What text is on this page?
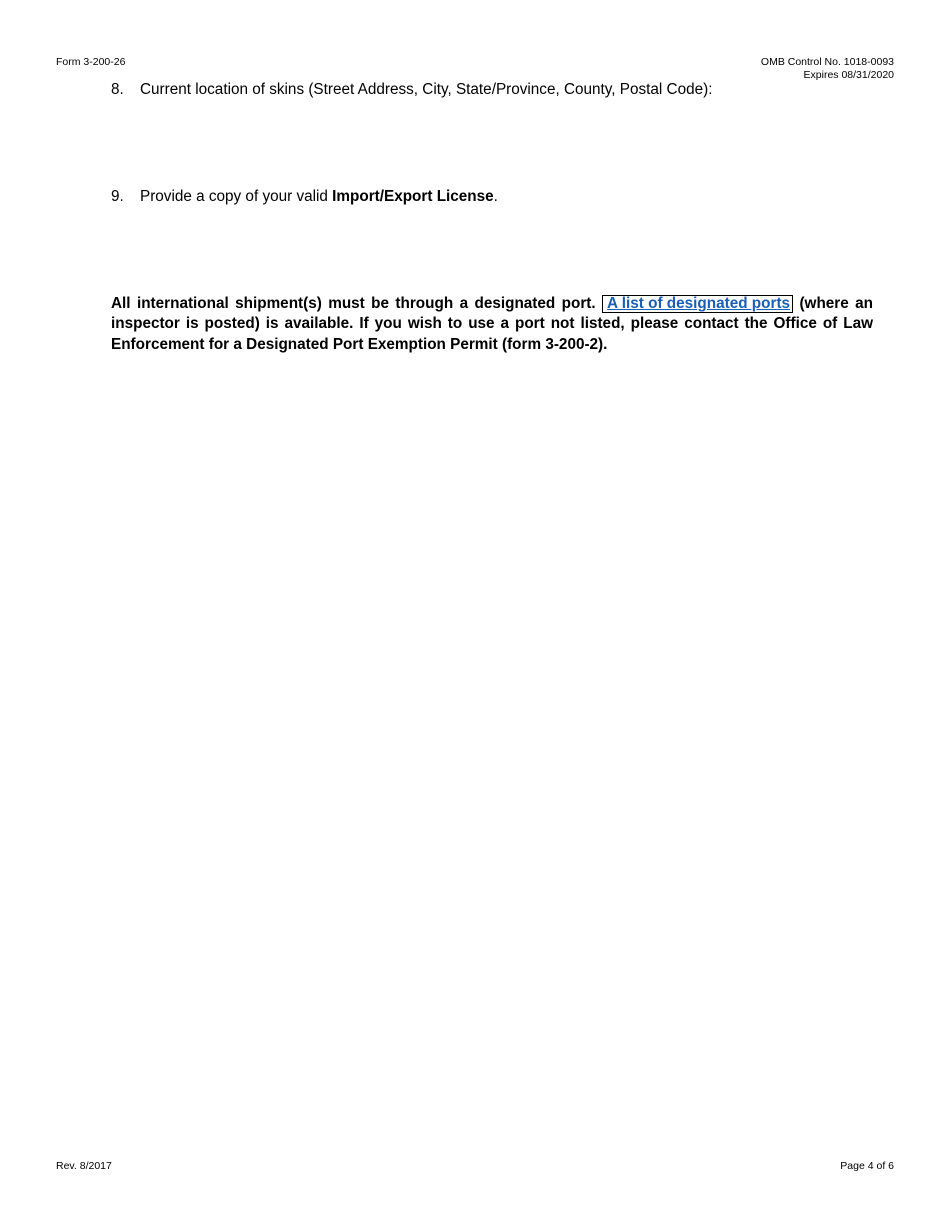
Form 3-200-26	OMB Control No. 1018-0093
Expires 08/31/2020
8. Current location of skins (Street Address, City, State/Province, County, Postal Code):
9. Provide a copy of your valid Import/Export License.
All international shipment(s) must be through a designated port. A list of designated ports (where an
inspector is posted) is available. If you wish to use a port not listed, please contact the Office of Law
Enforcement for a Designated Port Exemption Permit (form 3-200-2).
Rev. 8/2017	Page 4 of 6
